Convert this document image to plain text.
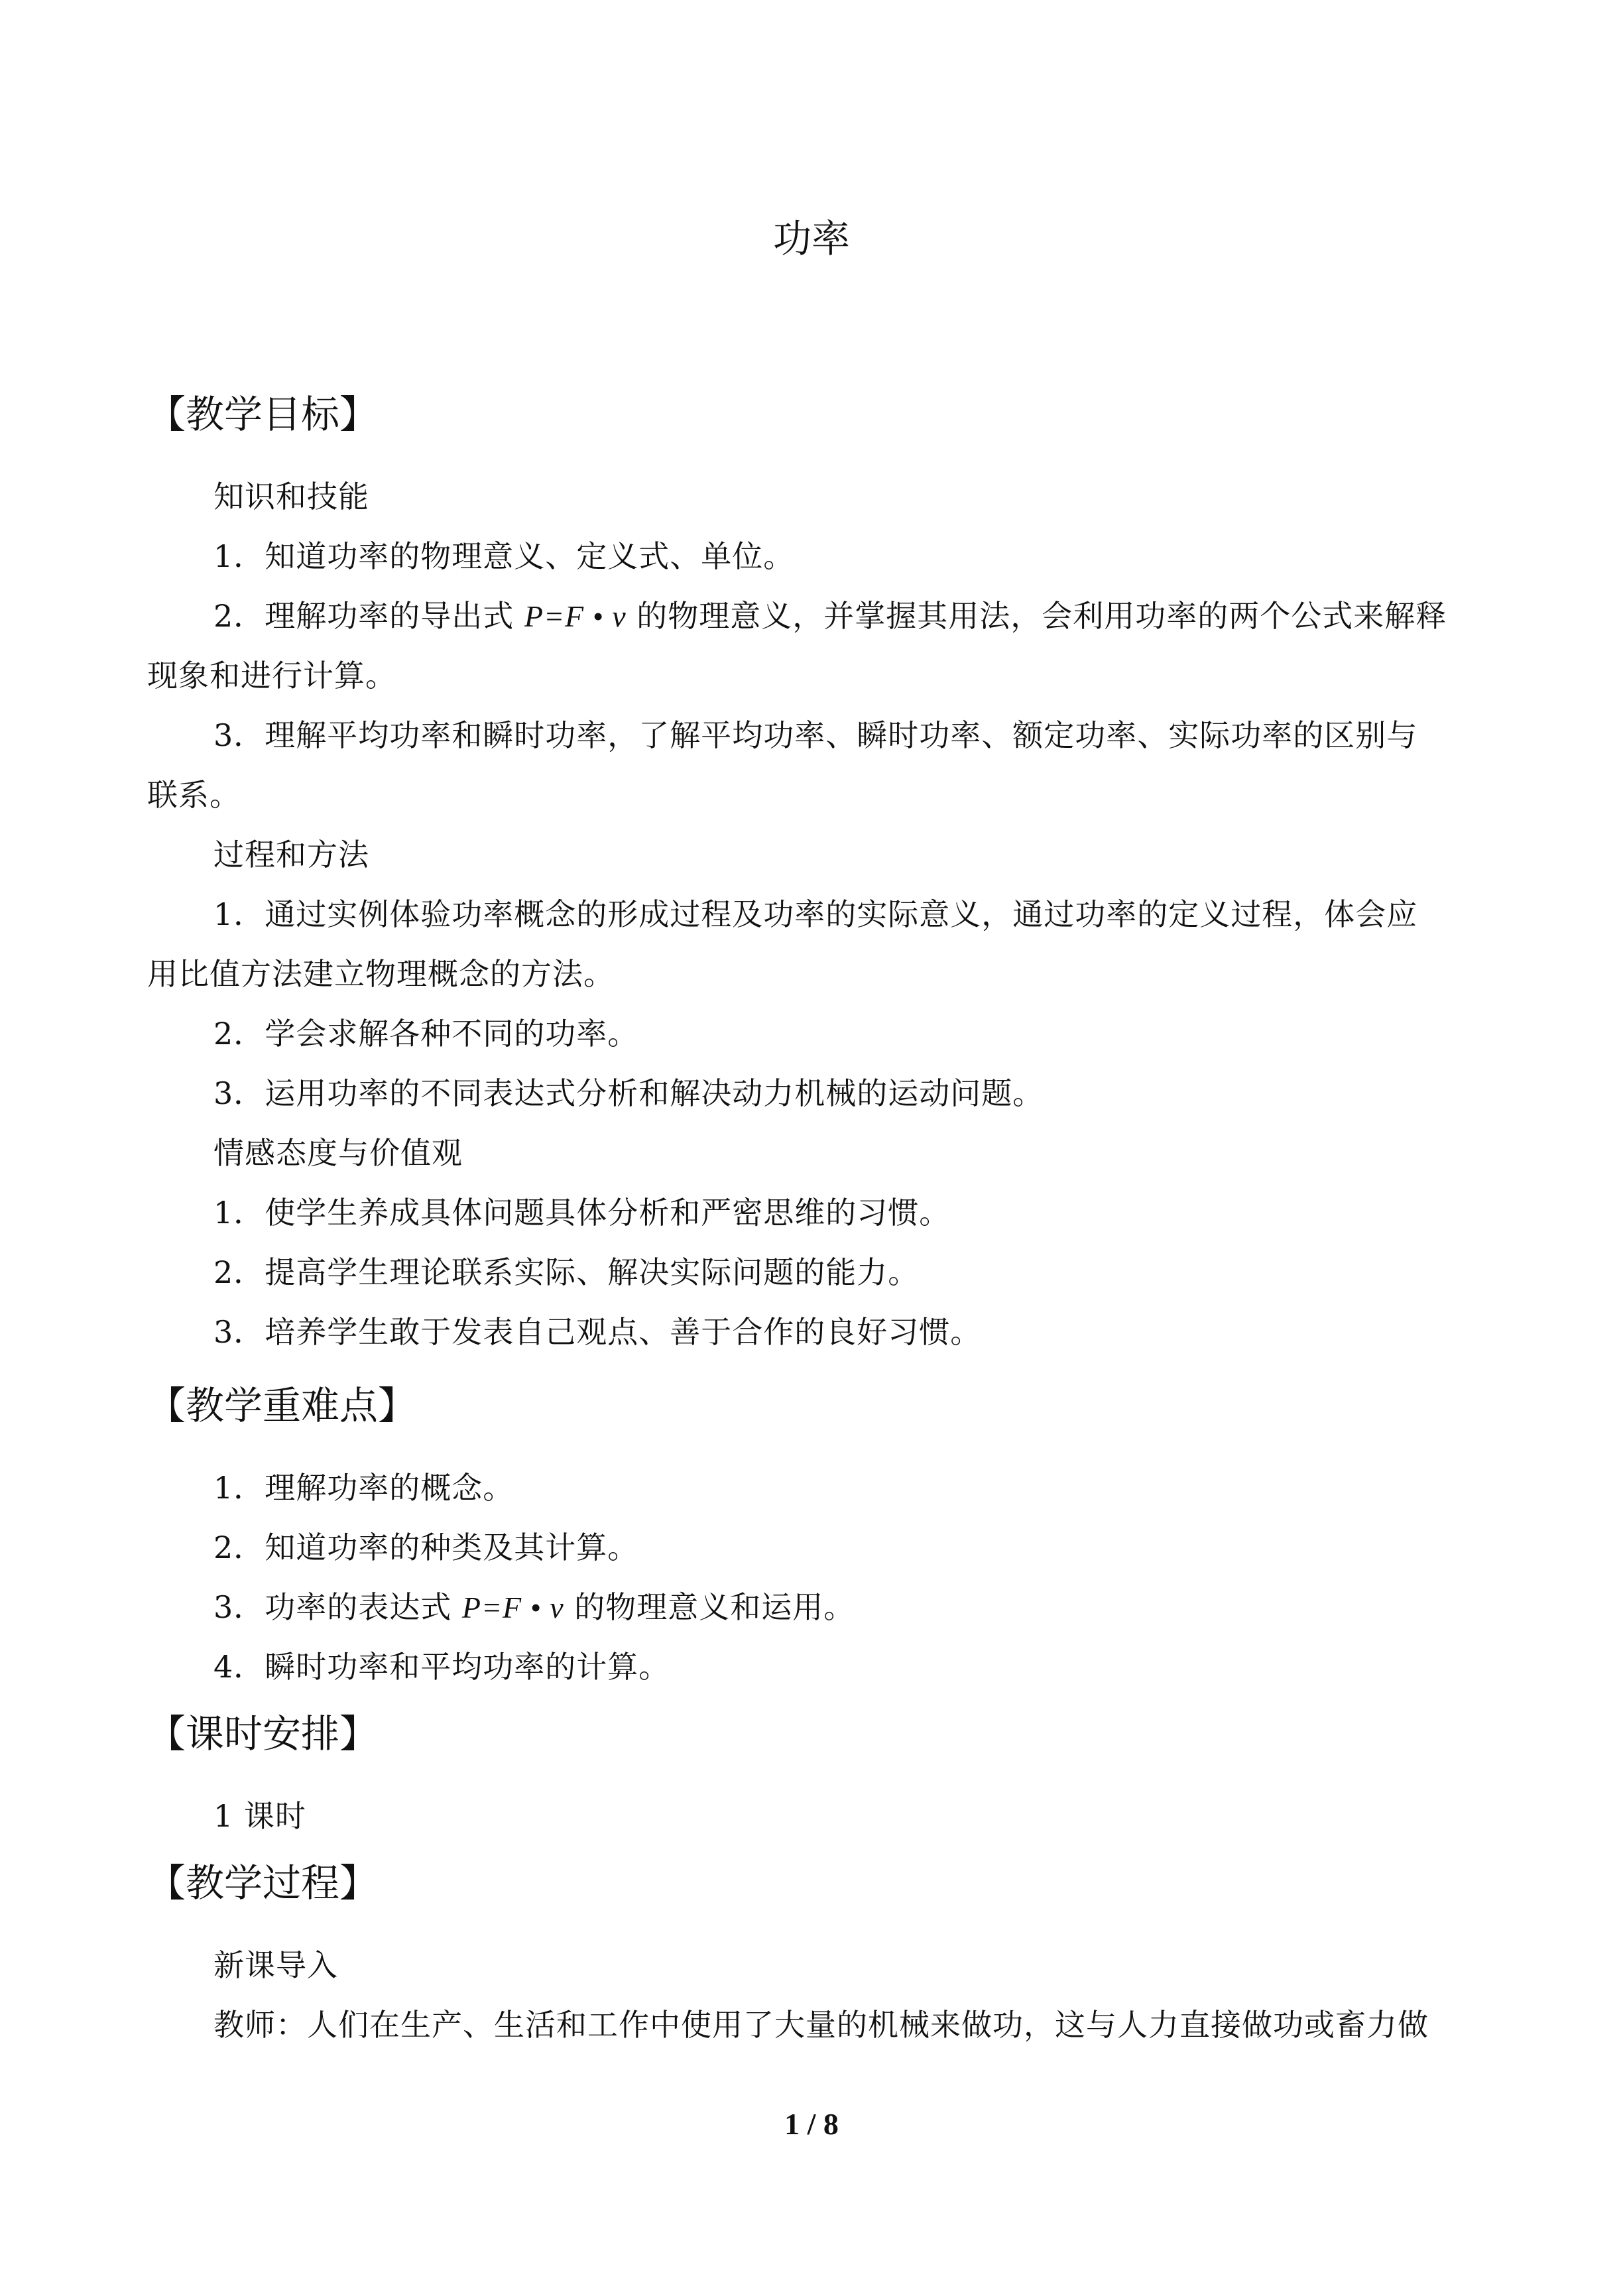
功率
【教学目标】
知识和技能
1．知道功率的物理意义、定义式、单位。
2．理解功率的导出式 P=F • v 的物理意义，并掌握其用法，会利用功率的两个公式来解释
现象和进行计算。
3．理解平均功率和瞬时功率，了解平均功率、瞬时功率、额定功率、实际功率的区别与
联系。
过程和方法
1．通过实例体验功率概念的形成过程及功率的实际意义，通过功率的定义过程，体会应
用比值方法建立物理概念的方法。
2．学会求解各种不同的功率。
3．运用功率的不同表达式分析和解决动力机械的运动问题。
情感态度与价值观
1．使学生养成具体问题具体分析和严密思维的习惯。
2．提高学生理论联系实际、解决实际问题的能力。
3．培养学生敢于发表自己观点、善于合作的良好习惯。
【教学重难点】
1．理解功率的概念。
2．知道功率的种类及其计算。
3．功率的表达式 P=F • v 的物理意义和运用。
4．瞬时功率和平均功率的计算。
【课时安排】
1 课时
【教学过程】
新课导入
教师：人们在生产、生活和工作中使用了大量的机械来做功，这与人力直接做功或畜力做
1 / 8
